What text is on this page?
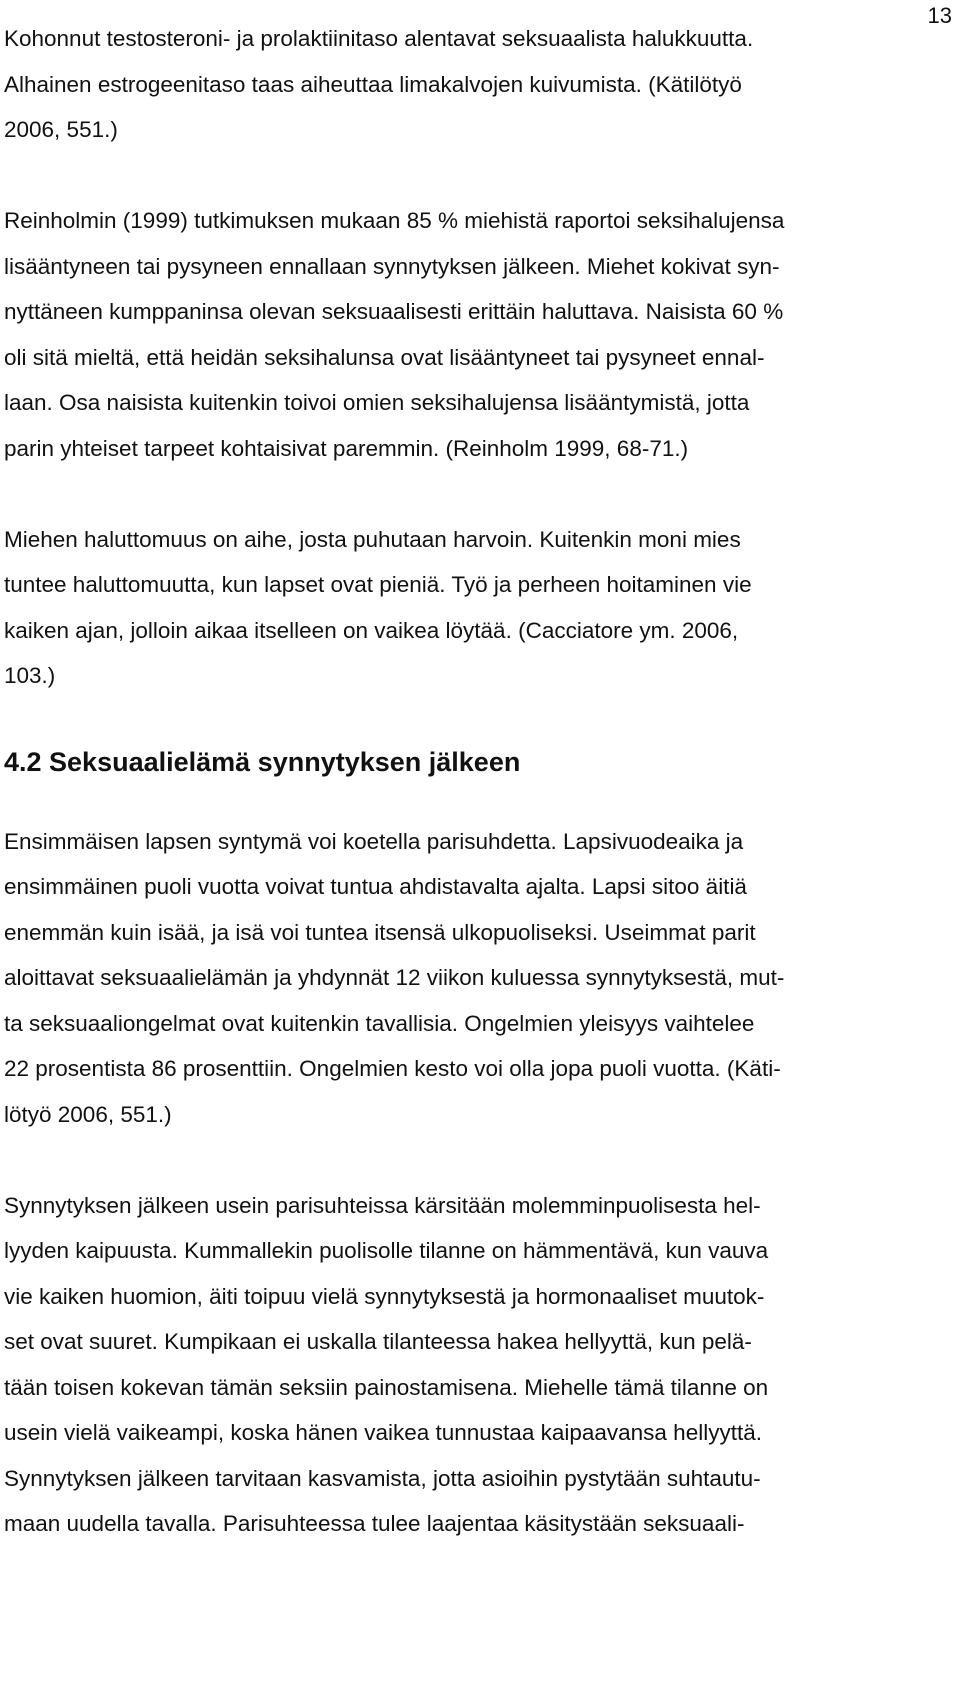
13
Kohonnut testosteroni- ja prolaktiinitaso alentavat seksuaalista halukkuutta.
Alhainen estrogeenitaso taas aiheuttaa limakalvojen kuivumista. (Kätilötyö
2006, 551.)
Reinholmin (1999) tutkimuksen mukaan 85 % miehistä raportoi seksihalujensa
lisääntyneen tai pysyneen ennallaan synnytyksen jälkeen. Miehet kokivat syn-
nyttäneen kumppaninsa olevan seksuaalisesti erittäin haluttava. Naisista 60 %
oli sitä mieltä, että heidän seksihalunsa ovat lisääntyneet tai pysyneet ennal-
laan. Osa naisista kuitenkin toivoi omien seksihalujensa lisääntymistä, jotta
parin yhteiset tarpeet kohtaisivat paremmin. (Reinholm 1999, 68-71.)
Miehen haluttomuus on aihe, josta puhutaan harvoin. Kuitenkin moni mies
tuntee haluttomuutta, kun lapset ovat pieniä. Työ ja perheen hoitaminen vie
kaiken ajan, jolloin aikaa itselleen on vaikea löytää. (Cacciatore ym. 2006,
103.)
4.2 Seksuaalielämä synnytyksen jälkeen
Ensimmäisen lapsen syntymä voi koetella parisuhdetta. Lapsivuodeaika ja
ensimmäinen puoli vuotta voivat tuntua ahdistavalta ajalta. Lapsi sitoo äitiä
enemmän kuin isää, ja isä voi tuntea itsensä ulkopuoliseksi. Useimmat parit
aloittavat seksuaalielämän ja yhdynnät 12 viikon kuluessa synnytyksestä, mut-
ta seksuaaliongelmat ovat kuitenkin tavallisia. Ongelmien yleisyys vaihtelee
22 prosentista 86 prosenttiin. Ongelmien kesto voi olla jopa puoli vuotta. (Käti-
lötyö 2006, 551.)
Synnytyksen jälkeen usein parisuhteissa kärsitään molemminpuolisesta hel-
lyyden kaipuusta. Kummallekin puolisolle tilanne on hämmentävä, kun vauva
vie kaiken huomion, äiti toipuu vielä synnytyksestä ja hormonaaliset muutok-
set ovat suuret. Kumpikaan ei uskalla tilanteessa hakea hellyyttä, kun pelä-
tään toisen kokevan tämän seksiin painostamisena. Miehelle tämä tilanne on
usein vielä vaikeampi, koska hänen vaikea tunnustaa kaipaavansa hellyyttä.
Synnytyksen jälkeen tarvitaan kasvamista, jotta asioihin pystytään suhtautu-
maan uudella tavalla. Parisuhteessa tulee laajentaa käsitystään seksuaali-
